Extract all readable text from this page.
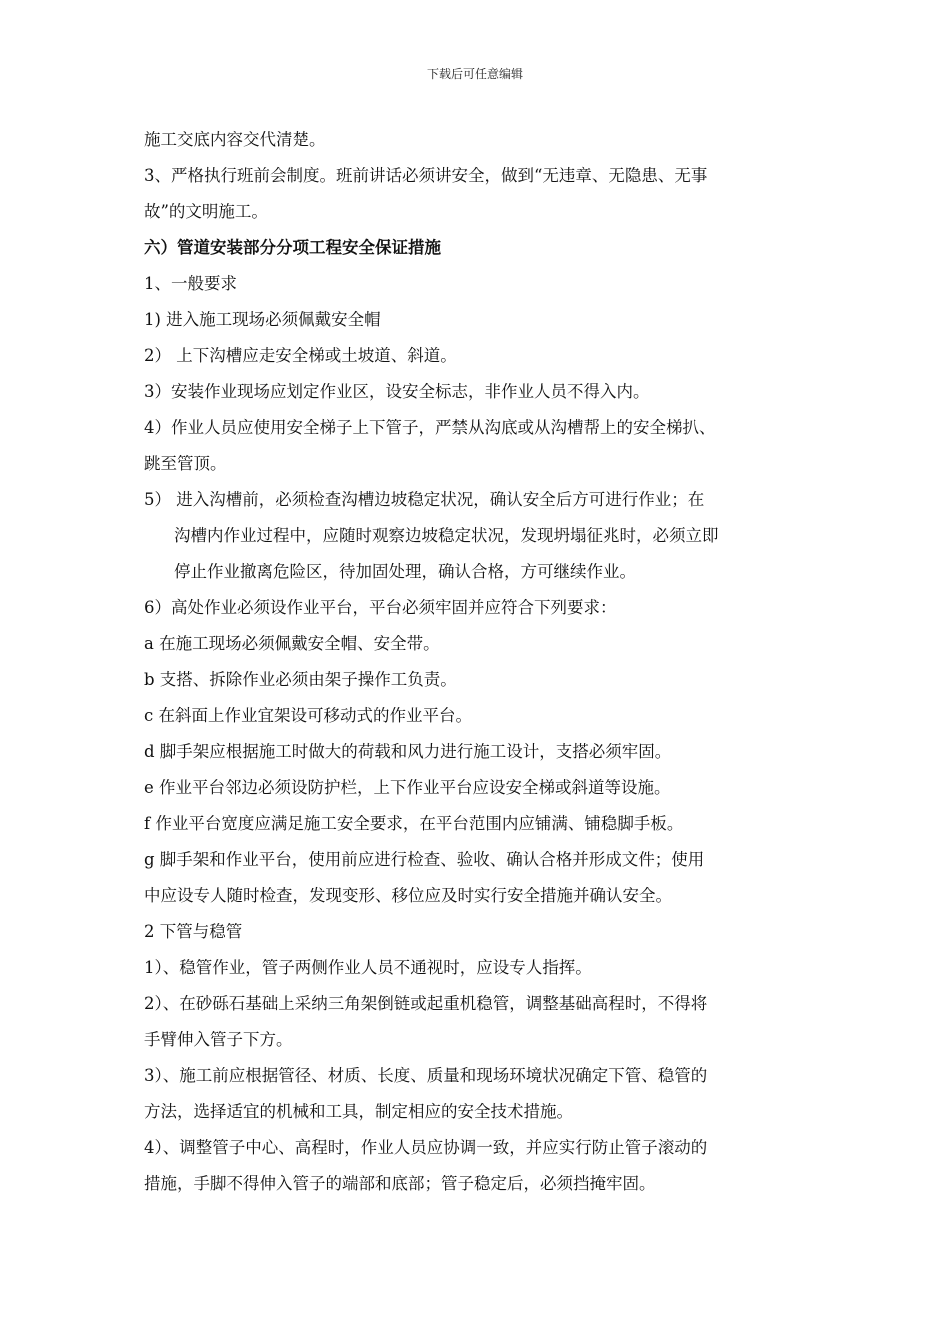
下载后可任意编辑

施工交底内容交代清楚。

3、严格执行班前会制度。班前讲话必须讲安全，做到“无违章、无隐患、无事

故”的文明施工。

六）管道安装部分分项工程安全保证措施

1、一般要求

1) 进入施工现场必须佩戴安全帽

2） 上下沟槽应走安全梯或土坡道、斜道。

3）安装作业现场应划定作业区，设安全标志，非作业人员不得入内。

4）作业人员应使用安全梯子上下管子，严禁从沟底或从沟槽帮上的安全梯扒、

跳至管顶。

5） 进入沟槽前，必须检查沟槽边坡稳定状况，确认安全后方可进行作业；在

沟槽内作业过程中，应随时观察边坡稳定状况，发现坍塌征兆时，必须立即

停止作业撤离危险区，待加固处理，确认合格，方可继续作业。

6）高处作业必须设作业平台，平台必须牢固并应符合下列要求：

a 在施工现场必须佩戴安全帽、安全带。

b 支搭、拆除作业必须由架子操作工负责。

c 在斜面上作业宜架设可移动式的作业平台。

d 脚手架应根据施工时做大的荷载和风力进行施工设计，支搭必须牢固。

e 作业平台邻边必须设防护栏，上下作业平台应设安全梯或斜道等设施。

f 作业平台宽度应满足施工安全要求，在平台范围内应铺满、铺稳脚手板。

g 脚手架和作业平台，使用前应进行检查、验收、确认合格并形成文件；使用

中应设专人随时检查，发现变形、移位应及时实行安全措施并确认安全。

2 下管与稳管

1）、稳管作业，管子两侧作业人员不通视时，应设专人指挥。

2）、在砂砾石基础上采纳三角架倒链或起重机稳管，调整基础高程时，不得将

手臂伸入管子下方。

3）、施工前应根据管径、材质、长度、质量和现场环境状况确定下管、稳管的

方法，选择适宜的机械和工具，制定相应的安全技术措施。

4）、调整管子中心、高程时，作业人员应协调一致，并应实行防止管子滚动的

措施，手脚不得伸入管子的端部和底部；管子稳定后，必须挡掩牢固。
